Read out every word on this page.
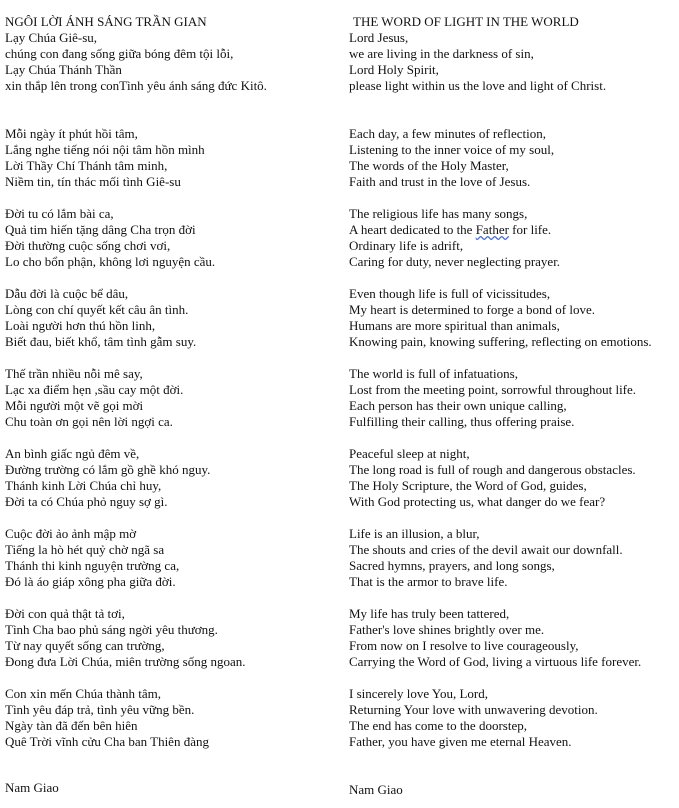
NGÔI LỜI ÁNH SÁNG TRẦN GIAN
Lạy Chúa Giê-su,
chúng con đang sống giữa bóng đêm tội lỗi,
Lạy Chúa Thánh Thần
xin thắp lên trong conTình yêu ánh sáng đức Kitô.
Mỗi ngày ít phút hồi tâm,
Lắng nghe tiếng nói nội tâm hồn mình
Lời Thầy Chí Thánh tâm minh,
Niềm tin, tín thác mối tình Giê-su
Đời tu có lắm bài ca,
Quả tim hiến tặng dâng Cha trọn đời
Đời thường cuộc sống chơi vơi,
Lo cho bổn phận, không lơi nguyện cầu.
Dẫu đời là cuộc bể dâu,
Lòng con chí quyết kết câu ân tình.
Loài người hơn thú hồn linh,
Biết đau, biết khổ, tâm tình gẫm suy.
Thế trần nhiều nỗi mê say,
Lạc xa điểm hẹn ,sầu cay một đời.
Mỗi người một vẽ gọi mời
Chu toàn ơn gọi nên lời ngợi ca.
An bình giấc ngủ đêm về,
Đường trường có lắm gồ ghề khó nguy.
Thánh kinh Lời Chúa chỉ huy,
Đời ta có Chúa phỏ nguy sợ gì.
Cuộc đời ảo ảnh mập mờ
Tiếng la hò hét quỷ chờ ngã sa
Thánh thi kinh nguyện trường ca,
Đó là áo giáp xông pha giữa đời.
Đời con quả thật tả tơi,
Tình Cha bao phủ sáng ngời yêu thương.
Từ nay quyết sống can trường,
Đong đưa Lời Chúa, miên trường sống ngoan.
Con xin mến Chúa thành tâm,
Tình yêu đáp trả, tình yêu vững bền.
Ngày tàn đã đến bên hiên
Quê Trời vĩnh cửu Cha ban Thiên đàng
Nam Giao
THE WORD OF LIGHT IN THE WORLD
Lord Jesus,
we are living in the darkness of sin,
Lord Holy Spirit,
please light within us the love and light of Christ.
Each day, a few minutes of reflection,
Listening to the inner voice of my soul,
The words of the Holy Master,
Faith and trust in the love of Jesus.
The religious life has many songs,
A heart dedicated to the Father for life.
Ordinary life is adrift,
Caring for duty, never neglecting prayer.
Even though life is full of vicissitudes,
My heart is determined to forge a bond of love.
Humans are more spiritual than animals,
Knowing pain, knowing suffering, reflecting on emotions.
The world is full of infatuations,
Lost from the meeting point, sorrowful throughout life.
Each person has their own unique calling,
Fulfilling their calling, thus offering praise.
Peaceful sleep at night,
The long road is full of rough and dangerous obstacles.
The Holy Scripture, the Word of God, guides,
With God protecting us, what danger do we fear?
Life is an illusion, a blur,
The shouts and cries of the devil await our downfall.
Sacred hymns, prayers, and long songs,
That is the armor to brave life.
My life has truly been tattered,
Father's love shines brightly over me.
From now on I resolve to live courageously,
Carrying the Word of God, living a virtuous life forever.
I sincerely love You, Lord,
Returning Your love with unwavering devotion.
The end has come to the doorstep,
Father, you have given me eternal Heaven.
Nam Giao
